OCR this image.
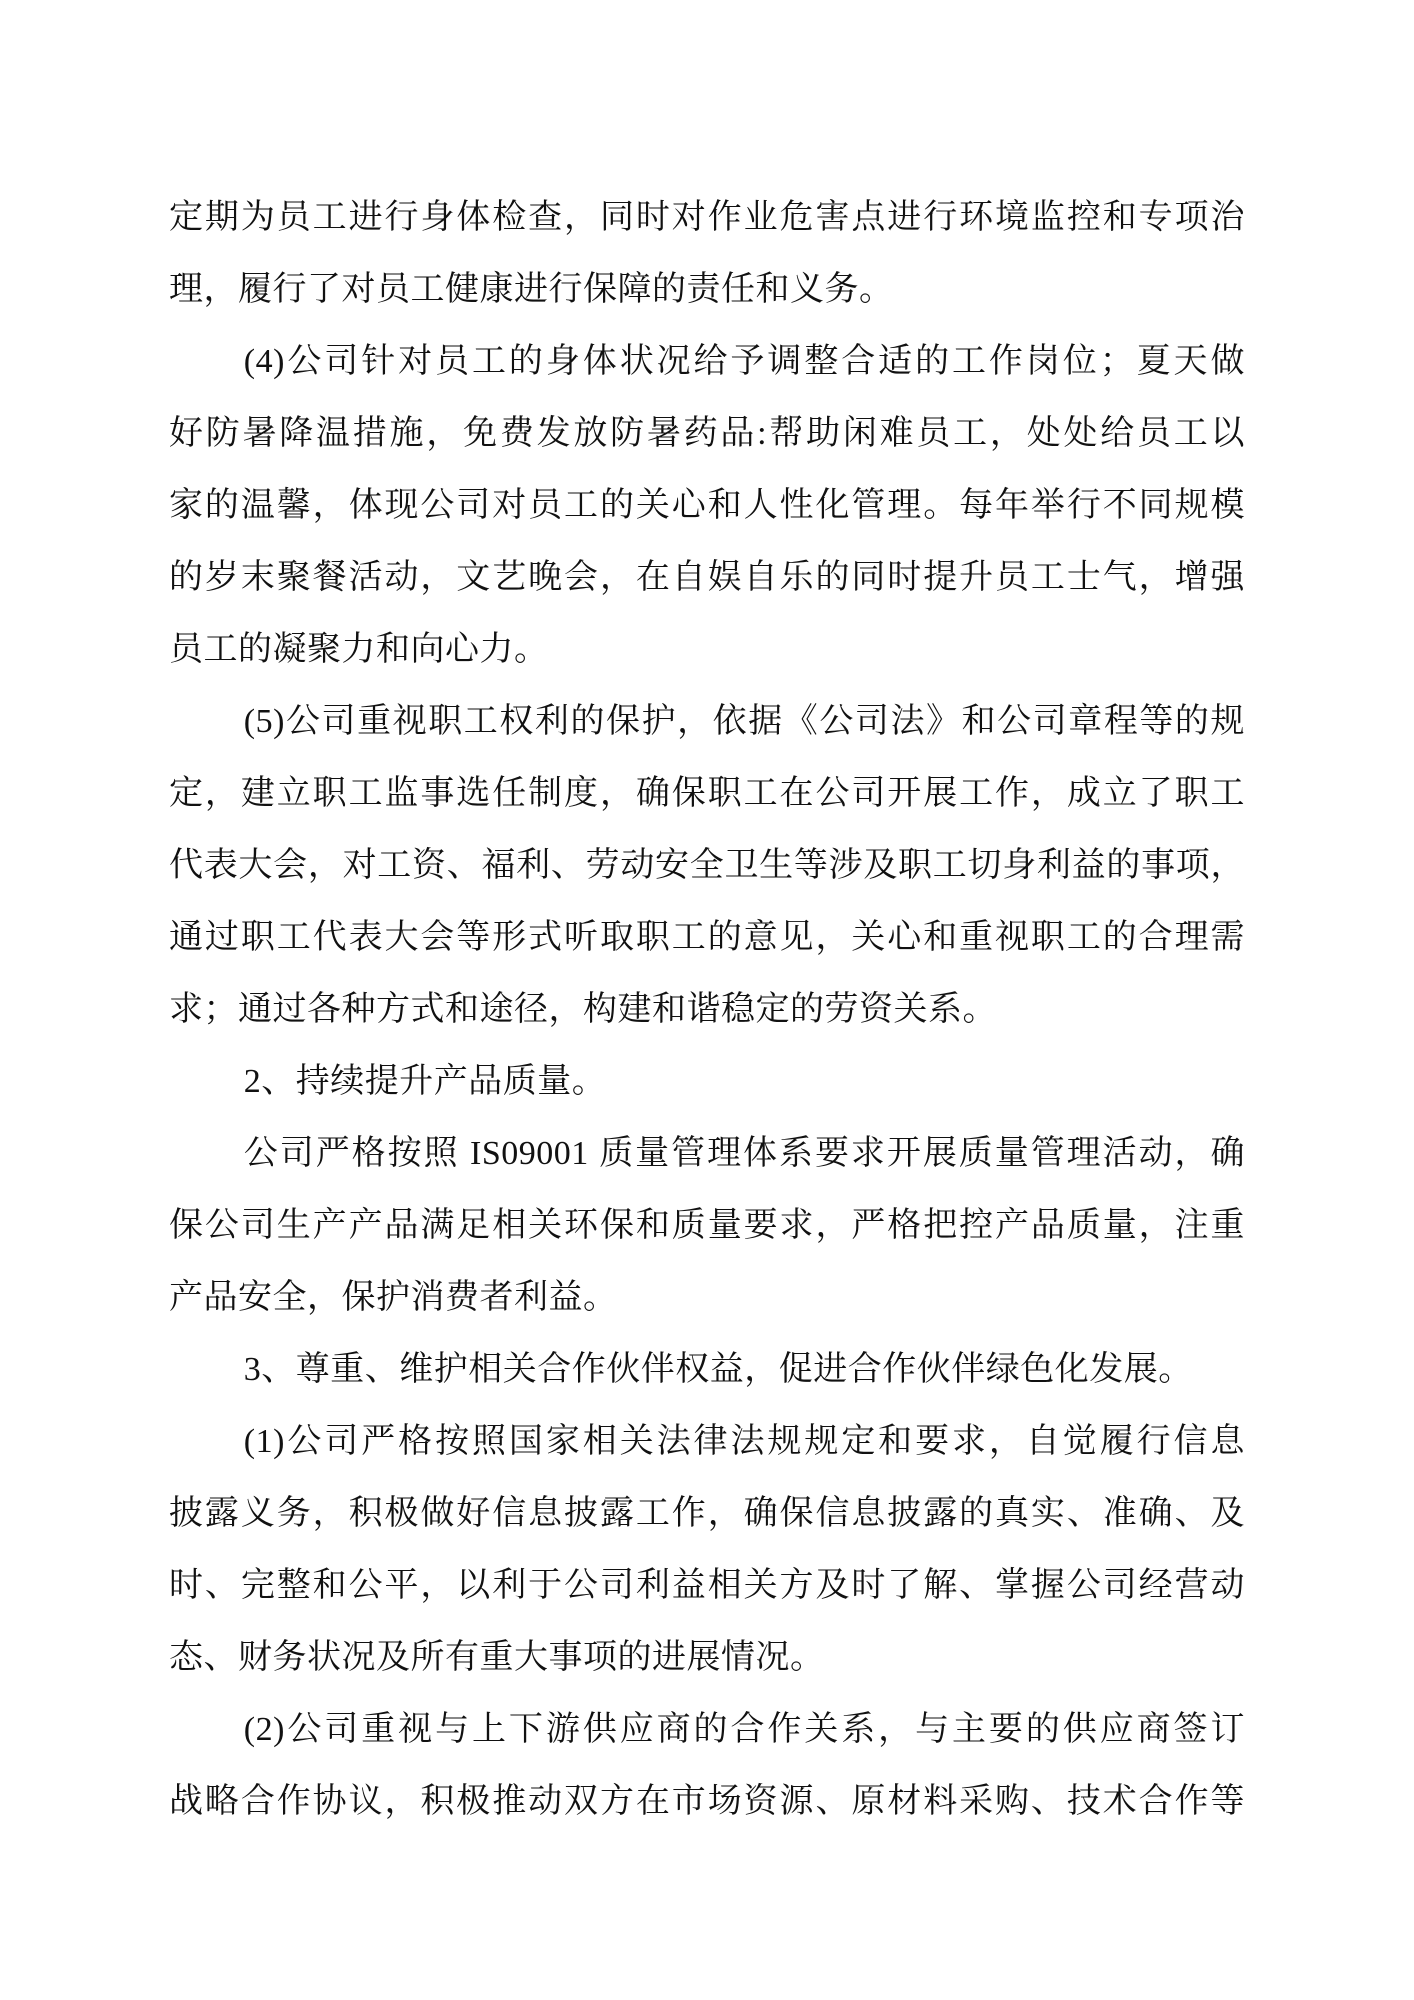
定期为员工进行身体检查，同时对作业危害点进行环境监控和专项治
理，履行了对员工健康进行保障的责任和义务。
(4)公司针对员工的身体状况给予调整合适的工作岗位；夏天做
好防暑降温措施，免费发放防暑药品:帮助闲难员工，处处给员工以
家的温馨，体现公司对员工的关心和人性化管理。每年举行不同规模
的岁末聚餐活动，文艺晚会，在自娱自乐的同时提升员工士气，增强
员工的凝聚力和向心力。
(5)公司重视职工权利的保护，依据《公司法》和公司章程等的规
定，建立职工监事选任制度，确保职工在公司开展工作，成立了职工
代表大会，对工资、福利、劳动安全卫生等涉及职工切身利益的事项，
通过职工代表大会等形式听取职工的意见，关心和重视职工的合理需
求；通过各种方式和途径，构建和谐稳定的劳资关系。
2、持续提升产品质量。
公司严格按照 IS09001 质量管理体系要求开展质量管理活动，确
保公司生产产品满足相关环保和质量要求，严格把控产品质量，注重
产品安全，保护消费者利益。
3、尊重、维护相关合作伙伴权益，促进合作伙伴绿色化发展。
(1)公司严格按照国家相关法律法规规定和要求，自觉履行信息
披露义务，积极做好信息披露工作，确保信息披露的真实、准确、及
时、完整和公平，以利于公司利益相关方及时了解、掌握公司经营动
态、财务状况及所有重大事项的进展情况。
(2)公司重视与上下游供应商的合作关系，与主要的供应商签订
战略合作协议，积极推动双方在市场资源、原材料采购、技术合作等
